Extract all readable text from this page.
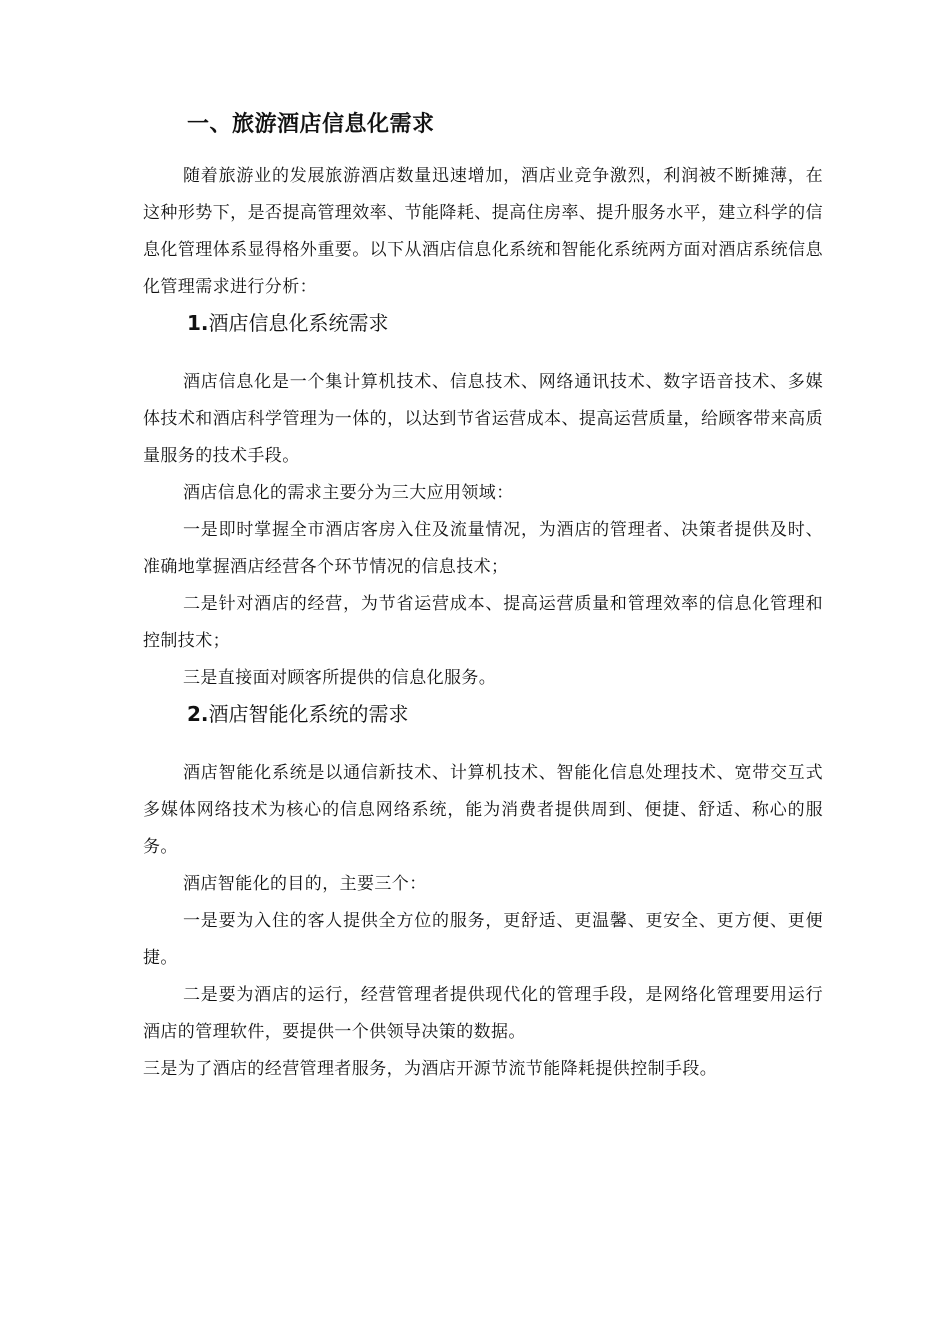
一、旅游酒店信息化需求

随着旅游业的发展旅游酒店数量迅速增加，酒店业竞争激烈，利润被不断摊薄，在这种形势下，是否提高管理效率、节能降耗、提高住房率、提升服务水平，建立科学的信息化管理体系显得格外重要。以下从酒店信息化系统和智能化系统两方面对酒店系统信息化管理需求进行分析：

1.酒店信息化系统需求

酒店信息化是一个集计算机技术、信息技术、网络通讯技术、数字语音技术、多媒体技术和酒店科学管理为一体的，以达到节省运营成本、提高运营质量，给顾客带来高质量服务的技术手段。

酒店信息化的需求主要分为三大应用领域：

一是即时掌握全市酒店客房入住及流量情况，为酒店的管理者、决策者提供及时、准确地掌握酒店经营各个环节情况的信息技术；

二是针对酒店的经营，为节省运营成本、提高运营质量和管理效率的信息化管理和控制技术；

三是直接面对顾客所提供的信息化服务。

2.酒店智能化系统的需求

酒店智能化系统是以通信新技术、计算机技术、智能化信息处理技术、宽带交互式多媒体网络技术为核心的信息网络系统，能为消费者提供周到、便捷、舒适、称心的服务。

酒店智能化的目的，主要三个：

一是要为入住的客人提供全方位的服务，更舒适、更温馨、更安全、更方便、更便捷。

二是要为酒店的运行，经营管理者提供现代化的管理手段，是网络化管理要用运行酒店的管理软件，要提供一个供领导决策的数据。

三是为了酒店的经营管理者服务，为酒店开源节流节能降耗提供控制手段。
